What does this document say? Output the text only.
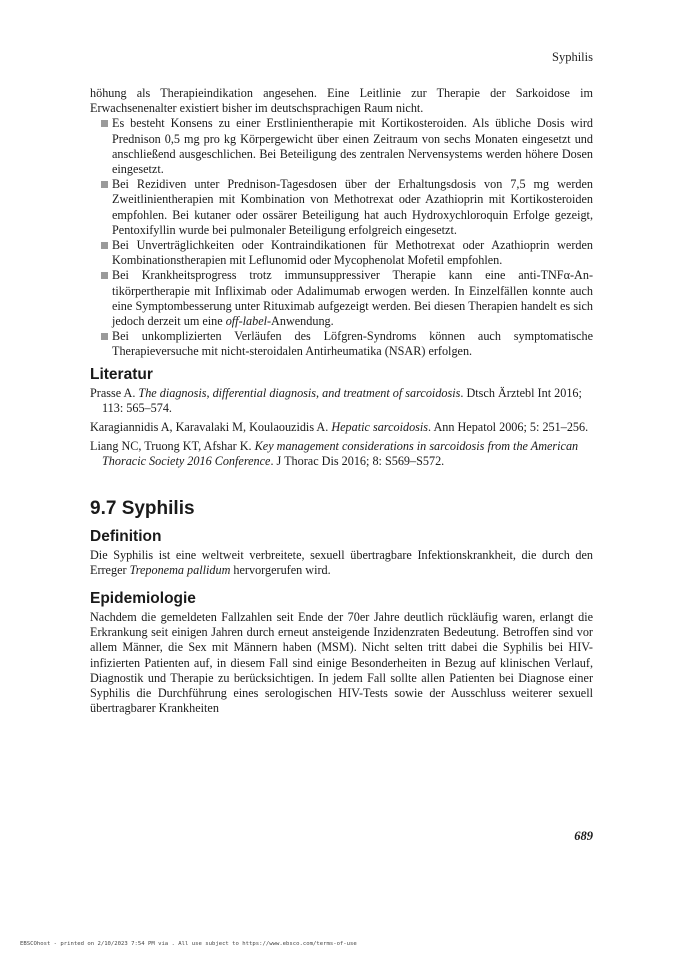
Syphilis

höhung als Therapieindikation angesehen. Eine Leitlinie zur Therapie der Sarkoidose im Erwachsenenalter existiert bisher im deutschsprachigen Raum nicht.

Es besteht Konsens zu einer Erstlinientherapie mit Kortikosteroiden. Als übliche Dosis wird Prednison 0,5 mg pro kg Körpergewicht über einen Zeitraum von sechs Monaten eingesetzt und anschließend ausgeschlichen. Bei Beteiligung des zentralen Nervensystems werden höhere Dosen eingesetzt.
Bei Rezidiven unter Prednison-Tagesdosen über der Erhaltungsdosis von 7,5 mg werden Zweitlinientherapien mit Kombination von Methotrexat oder Azathioprin mit Kortikosteroiden empfohlen. Bei kutaner oder ossärer Beteiligung hat auch Hydroxychloroquin Erfolge gezeigt, Pentoxifyllin wurde bei pulmonaler Beteiligung erfolgreich eingesetzt.
Bei Unverträglichkeiten oder Kontraindikationen für Methotrexat oder Azathioprin werden Kombinationstherapien mit Leflunomid oder Mycophenolat Mofetil empfohlen.
Bei Krankheitsprogress trotz immunsuppressiver Therapie kann eine anti-TNFα-Antikörpertherapie mit Infliximab oder Adalimumab erwogen werden. In Einzelfällen konnte auch eine Symptombesserung unter Rituximab aufgezeigt werden. Bei diesen Therapien handelt es sich jedoch derzeit um eine off-label-Anwendung.
Bei unkomplizierten Verläufen des Löfgren-Syndroms können auch symptomatische Therapieversuche mit nicht-steroidalen Antirheumatika (NSAR) erfolgen.
Literatur

Prasse A. The diagnosis, differential diagnosis, and treatment of sarcoidosis. Dtsch Ärztebl Int 2016; 113: 565–574.

Karagiannidis A, Karavalaki M, Koulaouzidis A. Hepatic sarcoidosis. Ann Hepatol 2006; 5: 251–256.

Liang NC, Truong KT, Afshar K. Key management considerations in sarcoidosis from the American Thoracic Society 2016 Conference. J Thorac Dis 2016; 8: S569–S572.

9.7 Syphilis
Definition

Die Syphilis ist eine weltweit verbreitete, sexuell übertragbare Infektionskrankheit, die durch den Erreger Treponema pallidum hervorgerufen wird.

Epidemiologie

Nachdem die gemeldeten Fallzahlen seit Ende der 70er Jahre deutlich rückläufig waren, erlangt die Erkrankung seit einigen Jahren durch erneut ansteigende Inzidenzraten Bedeutung. Betroffen sind vor allem Männer, die Sex mit Männern haben (MSM). Nicht selten tritt dabei die Syphilis bei HIV-infizierten Patienten auf, in diesem Fall sind einige Besonderheiten in Bezug auf klinischen Verlauf, Diagnostik und Therapie zu berücksichtigen. In jedem Fall sollte allen Patienten bei Diagnose einer Syphilis die Durchführung eines serologischen HIV-Tests sowie der Ausschluss weiterer sexuell übertragbarer Krankheiten

689
EBSCOhost - printed on 2/10/2023 7:54 PM via . All use subject to https://www.ebsco.com/terms-of-use
